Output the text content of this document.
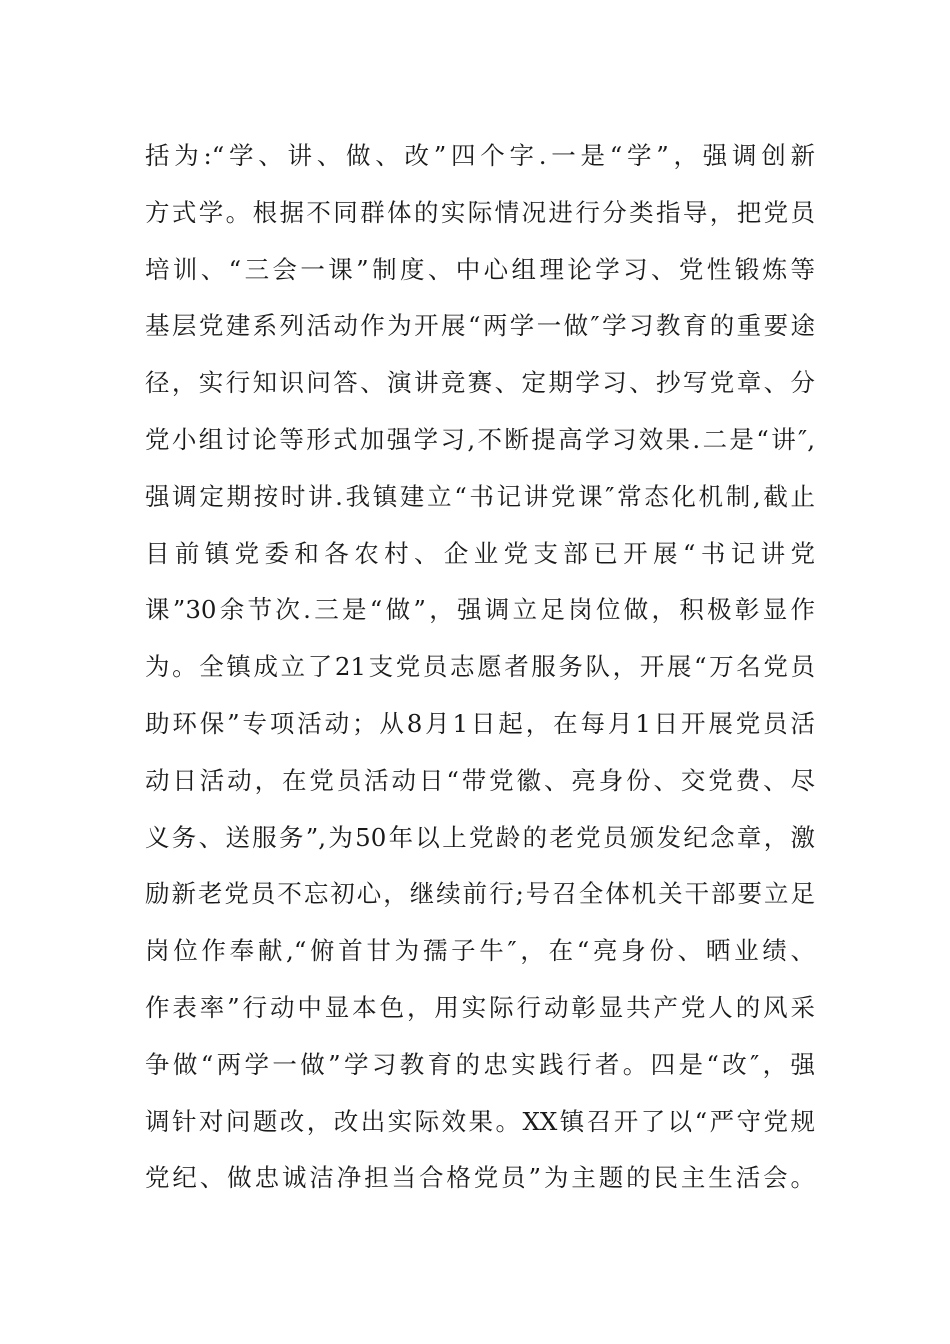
括为:“学、讲、做、改”四个字.一是“学”，强调创新
方式学。根据不同群体的实际情况进行分类指导，把党员
培训、“三会一课”制度、中心组理论学习、党性锻炼等
基层党建系列活动作为开展“两学一做″学习教育的重要途
径，实行知识问答、演讲竞赛、定期学习、抄写党章、分
党小组讨论等形式加强学习,不断提高学习效果.二是“讲″,
强调定期按时讲.我镇建立“书记讲党课″常态化机制,截止
目前镇党委和各农村、企业党支部已开展“书记讲党
课”30余节次.三是“做”，强调立足岗位做，积极彰显作
为。全镇成立了21支党员志愿者服务队，开展“万名党员
助环保”专项活动；从8月1日起，在每月1日开展党员活
动日活动，在党员活动日“带党徽、亮身份、交党费、尽
义务、送服务”,为50年以上党龄的老党员颁发纪念章，激
励新老党员不忘初心，继续前行;号召全体机关干部要立足
岗位作奉献,“俯首甘为孺子牛″，在“亮身份、晒业绩、
作表率”行动中显本色，用实际行动彰显共产党人的风采
争做“两学一做”学习教育的忠实践行者。四是“改″，强
调针对问题改，改出实际效果。XX镇召开了以“严守党规
党纪、做忠诚洁净担当合格党员”为主题的民主生活会。
